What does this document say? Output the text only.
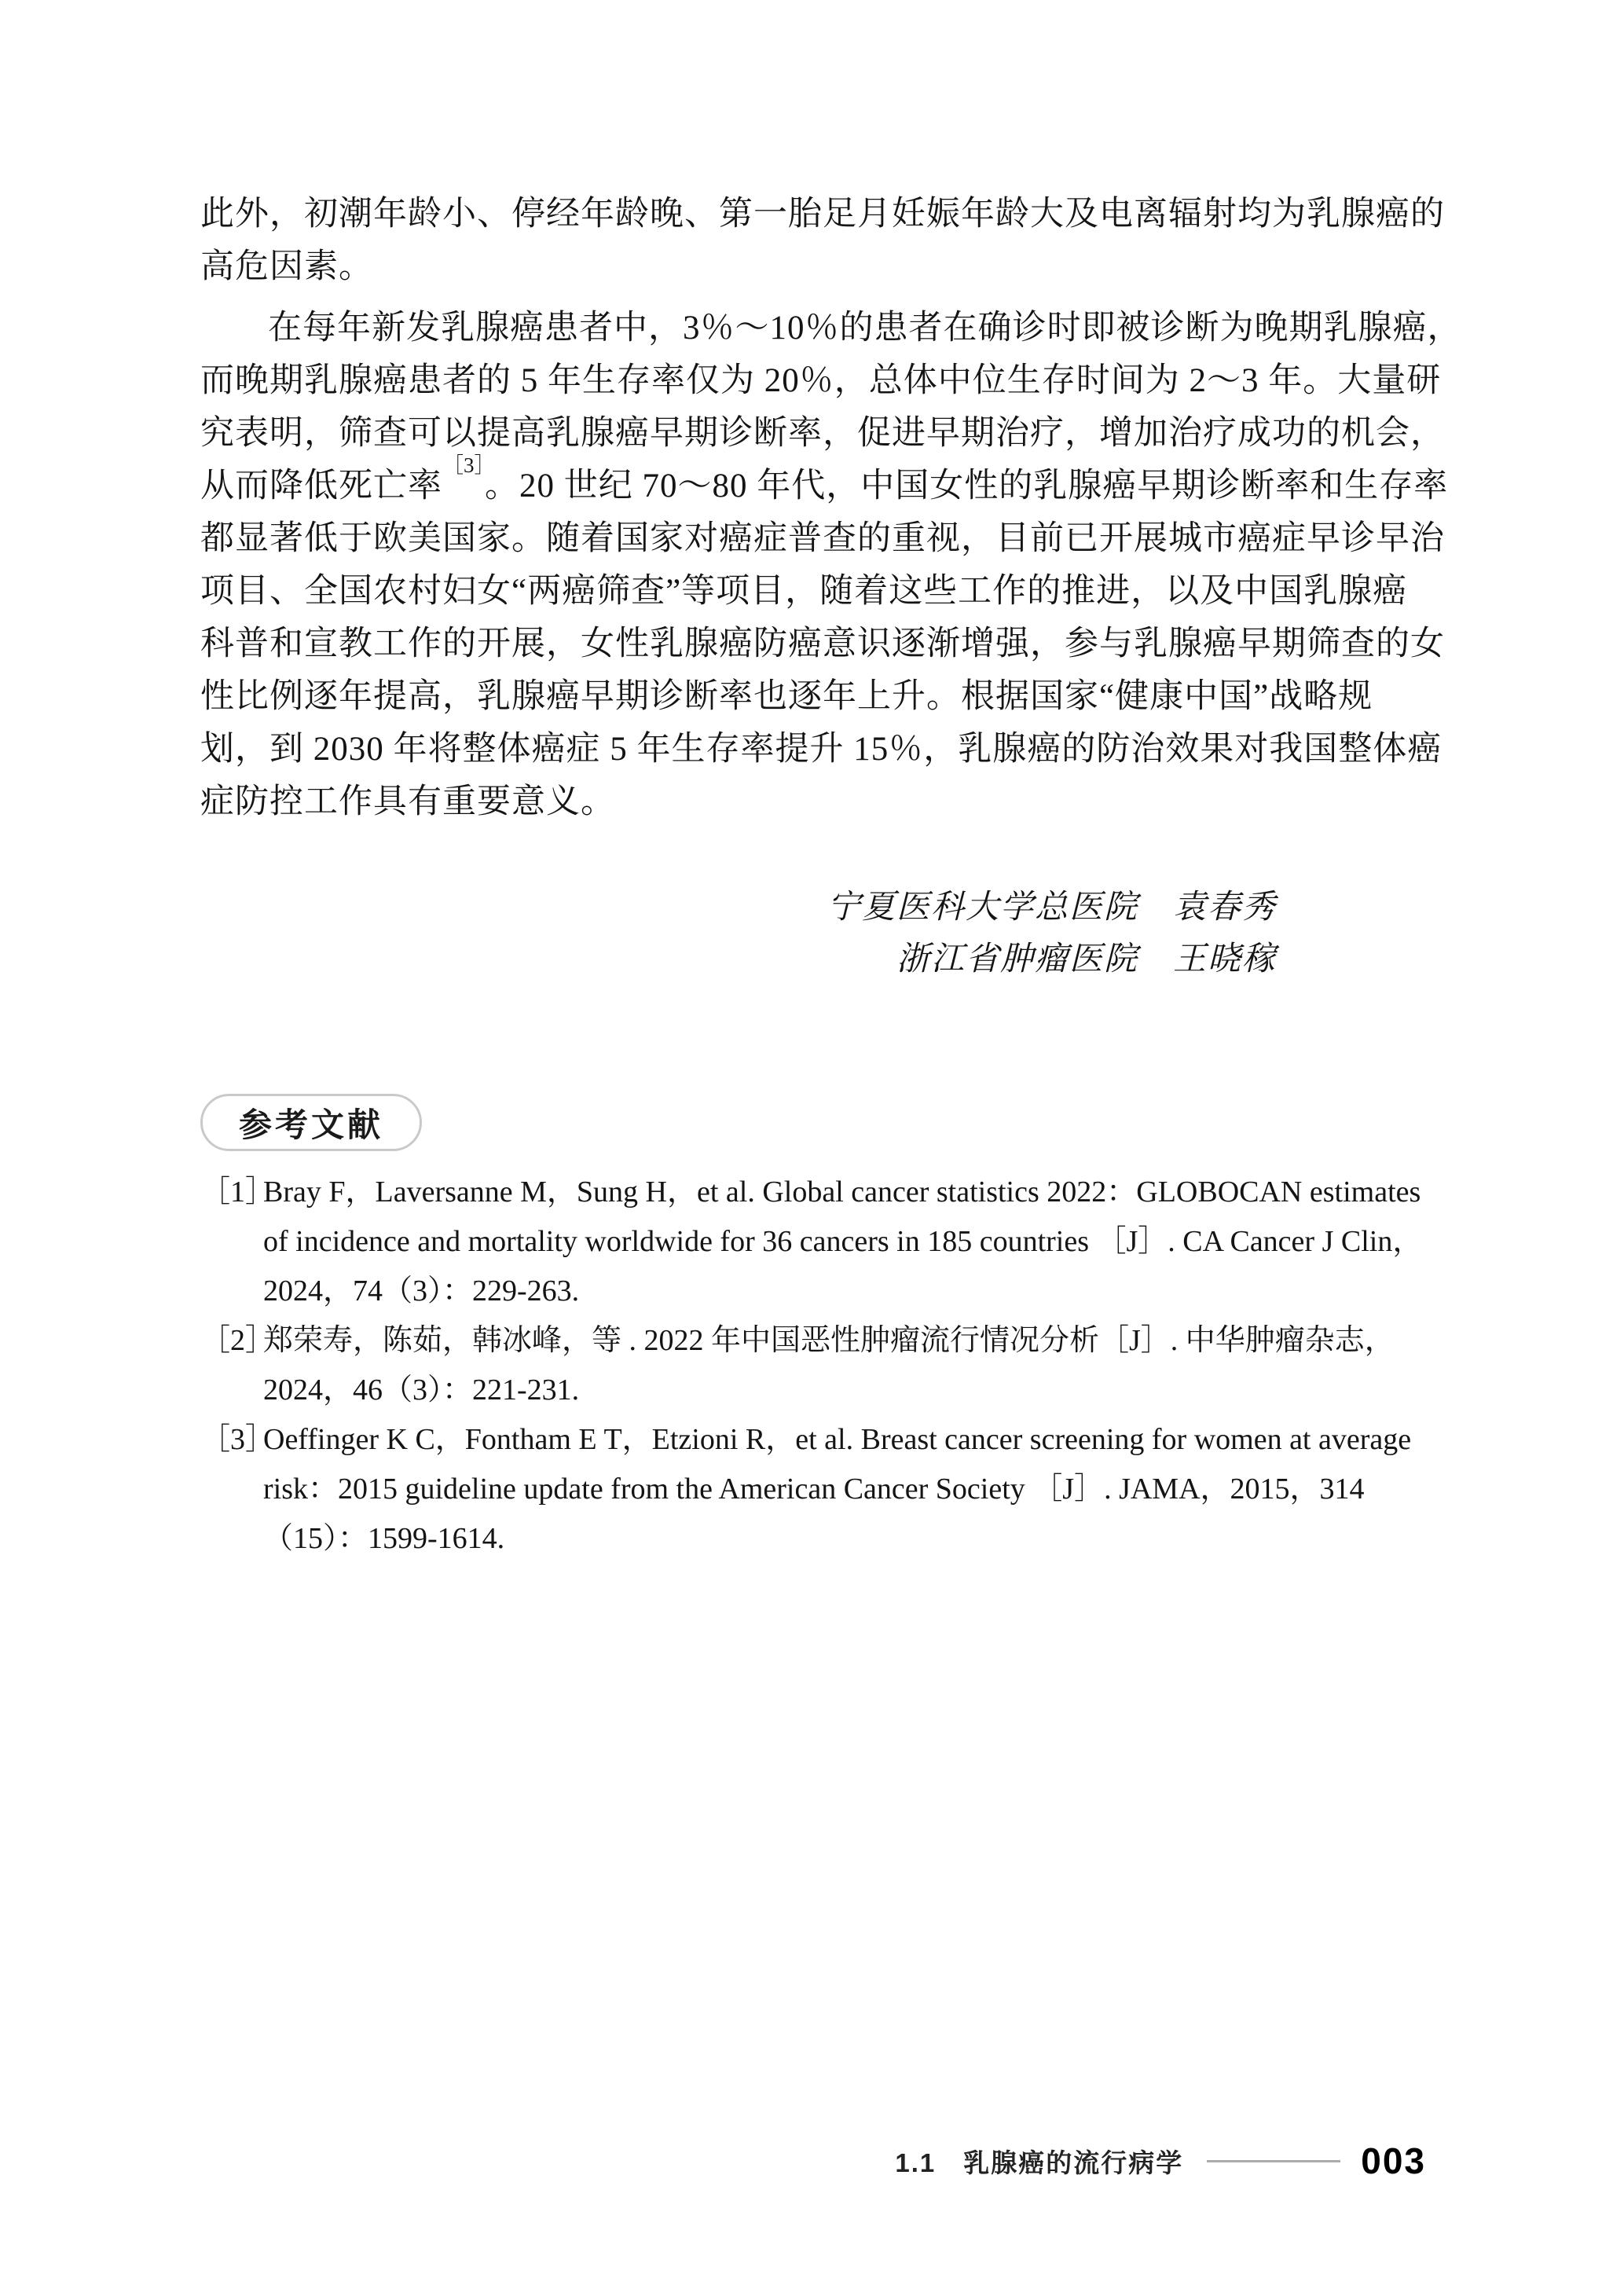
此外，初潮年龄小、停经年龄晚、第一胎足月妊娠年龄大及电离辐射均为乳腺癌的
高危因素。
在每年新发乳腺癌患者中，3％～10％的患者在确诊时即被诊断为晚期乳腺癌，
而晚期乳腺癌患者的 5 年生存率仅为 20％，总体中位生存时间为 2～3 年。大量研
究表明，筛查可以提高乳腺癌早期诊断率，促进早期治疗，增加治疗成功的机会，
从而降低死亡率$^{[3]}$。20 世纪 70～80 年代，中国女性的乳腺癌早期诊断率和生存率
都显著低于欧美国家。随着国家对癌症普查的重视，目前已开展城市癌症早诊早治
项目、全国农村妇女“两癌筛查”等项目，随着这些工作的推进，以及中国乳腺癌
科普和宣教工作的开展，女性乳腺癌防癌意识逐渐增强，参与乳腺癌早期筛查的女
性比例逐年提高，乳腺癌早期诊断率也逐年上升。根据国家“健康中国”战略规
划，到 2030 年将整体癌症 5 年生存率提升 15％，乳腺癌的防治效果对我国整体癌
症防控工作具有重要意义。
宁夏医科大学总医院　袁春秀
浙江省肿瘤医院　王晓稼
参考文献
［1］
Bray F，Laversanne M，Sung H，et al. Global cancer statistics 2022：GLOBOCAN estimates
of incidence and mortality worldwide for 36 cancers in 185 countries ［J］. CA Cancer J Clin，
2024，74（3）：229-263.
［2］
郑荣寿，陈茹，韩冰峰，等 . 2022 年中国恶性肿瘤流行情况分析［J］. 中华肿瘤杂志，
2024，46（3）：221-231.
［3］
Oeffinger K C，Fontham E T，Etzioni R，et al. Breast cancer screening for women at average
risk：2015 guideline update from the American Cancer Society ［J］. JAMA，2015，314
（15）：1599-1614.
1.1　乳腺癌的流行病学	003
